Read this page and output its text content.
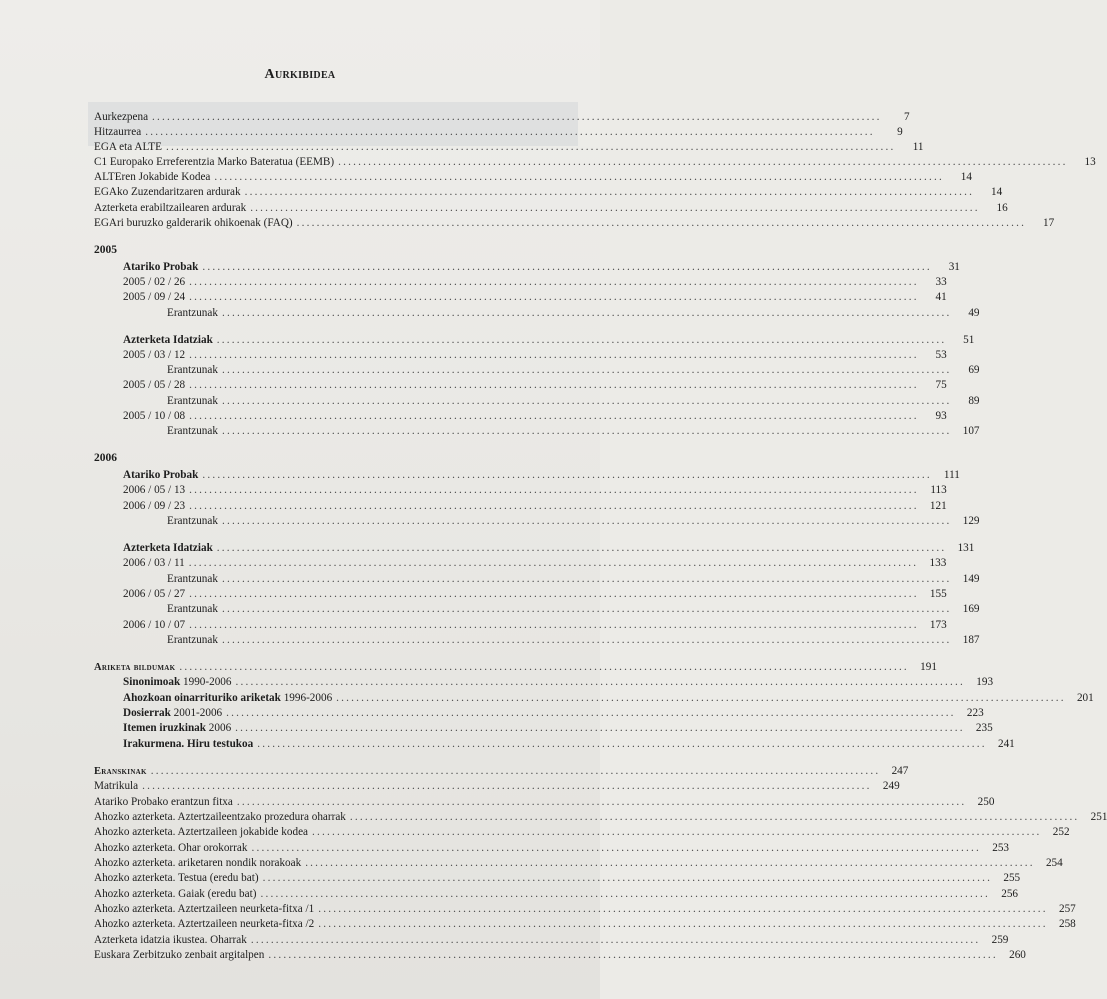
Aurkibidea
Aurkezpena ..................................................................................................................................................	7
Hitzaurrea ..................................................................................................................................................	9
EGA eta ALTE ..................................................................................................................................................	11
C1 Europako Erreferentzia Marko Bateratua (EEMB) ..................................................................................................................................................	13
ALTEren Jokabide Kodea ..................................................................................................................................................	14
EGAko Zuzendaritzaren ardurak ..................................................................................................................................................	14
Azterketa erabiltzailearen ardurak ..................................................................................................................................................	16
EGAri buruzko galderarik ohikoenak (FAQ) ..................................................................................................................................................	17
2005
Atariko Probak ..................................................................................................................................................	31
2005 / 02 / 26 ..................................................................................................................................................	33
2005 / 09 / 24 ..................................................................................................................................................	41
Erantzunak ..................................................................................................................................................	49
Azterketa Idatziak ..................................................................................................................................................	51
2005 / 03 / 12 ..................................................................................................................................................	53
Erantzunak ..................................................................................................................................................	69
2005 / 05 / 28 ..................................................................................................................................................	75
Erantzunak ..................................................................................................................................................	89
2005 / 10 / 08 ..................................................................................................................................................	93
Erantzunak ..................................................................................................................................................	107
2006
Atariko Probak ..................................................................................................................................................	111
2006 / 05 / 13 ..................................................................................................................................................	113
2006 / 09 / 23 ..................................................................................................................................................	121
Erantzunak ..................................................................................................................................................	129
Azterketa Idatziak ..................................................................................................................................................	131
2006 / 03 / 11 ..................................................................................................................................................	133
Erantzunak ..................................................................................................................................................	149
2006 / 05 / 27 ..................................................................................................................................................	155
Erantzunak ..................................................................................................................................................	169
2006 / 10 / 07 ..................................................................................................................................................	173
Erantzunak ..................................................................................................................................................	187
Ariketa bildumak ..................................................................................................................................................	191
Sinonimoak 1990-2006 ..................................................................................................................................................	193
Ahozkoan oinarrituriko ariketak 1996-2006 ..................................................................................................................................................	201
Dosierrak 2001-2006 ..................................................................................................................................................	223
Itemen iruzkinak 2006 ..................................................................................................................................................	235
Irakurmena. Hiru testukoa ..................................................................................................................................................	241
Eranskinak ..................................................................................................................................................	247
Matrikula ..................................................................................................................................................	249
Atariko Probako erantzun fitxa ..................................................................................................................................................	250
Ahozko azterketa. Aztertzaileentzako prozedura oharrak ..................................................................................................................................................	251
Ahozko azterketa. Aztertzaileen jokabide kodea ..................................................................................................................................................	252
Ahozko azterketa. Ohar orokorrak ..................................................................................................................................................	253
Ahozko azterketa. ariketaren nondik norakoak ..................................................................................................................................................	254
Ahozko azterketa. Testua (eredu bat) ..................................................................................................................................................	255
Ahozko azterketa. Gaiak (eredu bat) ..................................................................................................................................................	256
Ahozko azterketa. Aztertzaileen neurketa-fitxa /1 ..................................................................................................................................................	257
Ahozko azterketa. Aztertzaileen neurketa-fitxa /2 ..................................................................................................................................................	258
Azterketa idatzia ikustea. Oharrak ..................................................................................................................................................	259
Euskara Zerbitzuko zenbait argitalpen ..................................................................................................................................................	260
